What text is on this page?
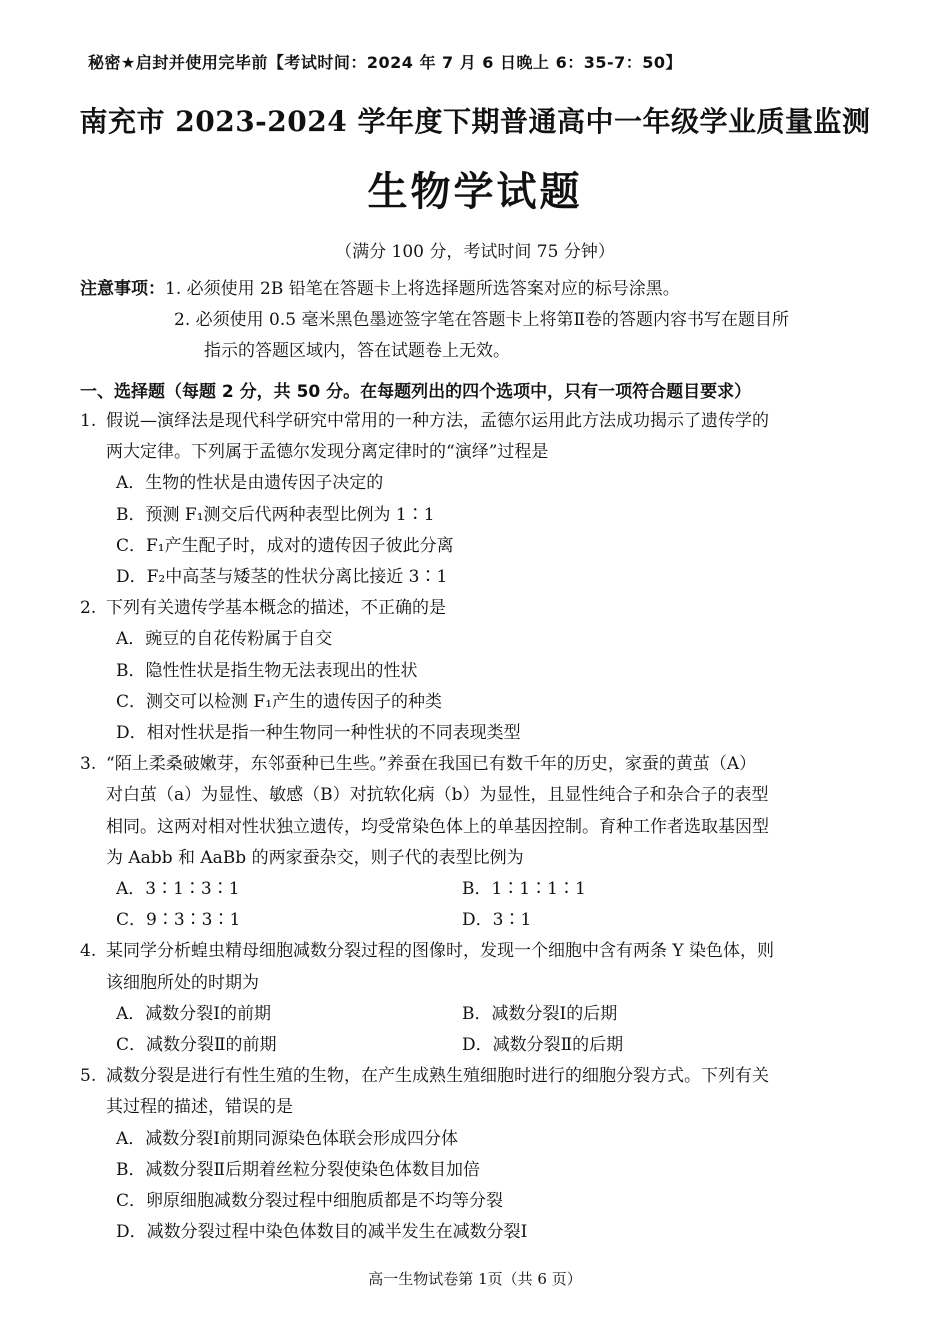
秘密★启封并使用完毕前【考试时间：2024 年 7 月 6 日晚上 6：35-7：50】
南充市 2023-2024 学年度下期普通高中一年级学业质量监测
生物学试题
（满分 100 分，考试时间 75 分钟）
注意事项：1. 必须使用 2B 铅笔在答题卡上将选择题所选答案对应的标号涂黑。
2. 必须使用 0.5 毫米黑色墨迹签字笔在答题卡上将第Ⅱ卷的答题内容书写在题目所
指示的答题区域内，答在试题卷上无效。
一、选择题（每题 2 分，共 50 分。在每题列出的四个选项中，只有一项符合题目要求）
1. 假说—演绎法是现代科学研究中常用的一种方法，孟德尔运用此方法成功揭示了遗传学的
两大定律。下列属于孟德尔发现分离定律时的“演绎”过程是
A．生物的性状是由遗传因子决定的
B．预测 F₁测交后代两种表型比例为 1∶1
C．F₁产生配子时，成对的遗传因子彼此分离
D．F₂中高茎与矮茎的性状分离比接近 3∶1
2. 下列有关遗传学基本概念的描述，不正确的是
A．豌豆的自花传粉属于自交
B．隐性性状是指生物无法表现出的性状
C．测交可以检测 F₁产生的遗传因子的种类
D．相对性状是指一种生物同一种性状的不同表现类型
3. “陌上柔桑破嫩芽，东邻蚕种已生些。”养蚕在我国已有数千年的历史，家蚕的黄茧（A）
对白茧（a）为显性、敏感（B）对抗软化病（b）为显性，且显性纯合子和杂合子的表型
相同。这两对相对性状独立遗传，均受常染色体上的单基因控制。育种工作者选取基因型
为 Aabb 和 AaBb 的两家蚕杂交，则子代的表型比例为
A．3∶1∶3∶1	B．1∶1∶1∶1
C．9∶3∶3∶1	D．3∶1
4. 某同学分析蝗虫精母细胞减数分裂过程的图像时，发现一个细胞中含有两条 Y 染色体，则
该细胞所处的时期为
A．减数分裂Ⅰ的前期	B．减数分裂Ⅰ的后期
C．减数分裂Ⅱ的前期	D．减数分裂Ⅱ的后期
5. 减数分裂是进行有性生殖的生物，在产生成熟生殖细胞时进行的细胞分裂方式。下列有关
其过程的描述，错误的是
A．减数分裂Ⅰ前期同源染色体联会形成四分体
B．减数分裂Ⅱ后期着丝粒分裂使染色体数目加倍
C．卵原细胞减数分裂过程中细胞质都是不均等分裂
D．减数分裂过程中染色体数目的减半发生在减数分裂Ⅰ
高一生物试卷第 1页（共 6 页）
